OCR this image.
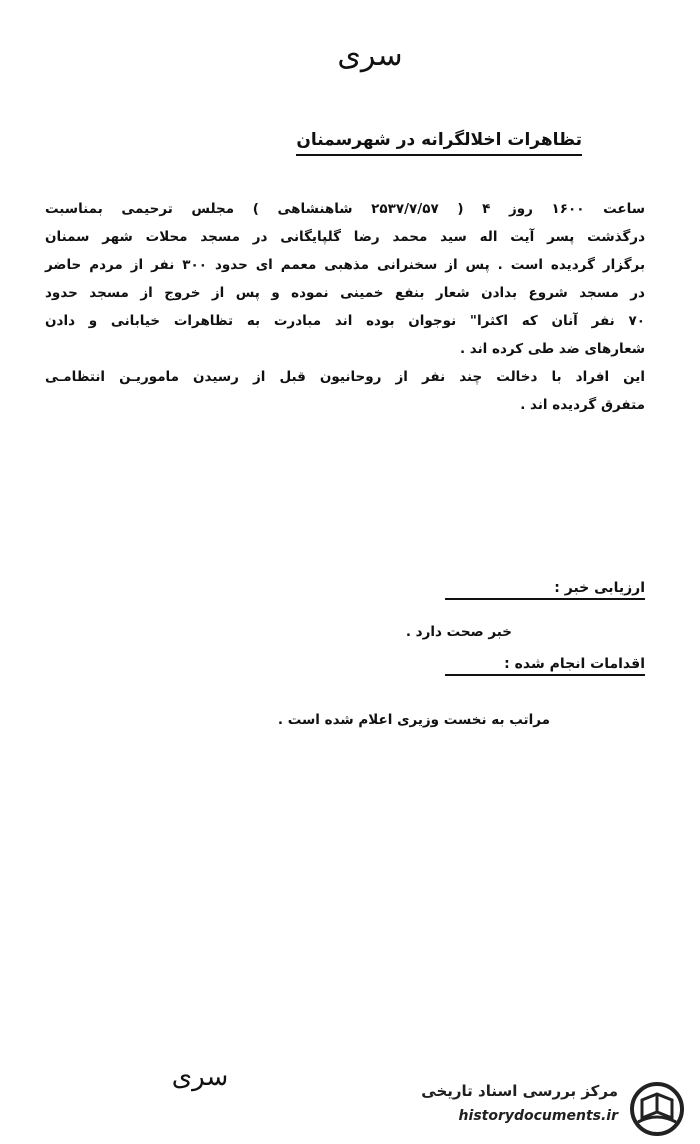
سری
تظاهرات اخلالگرانه در شهرسمنان
ساعت ۱۶۰۰ روز ۴ ( ۲۵۳۷/۷/۵۷ شاهنشاهی ) مجلس ترحیمی بمناسبت
درگذشت پسر آیت اله سید محمد رضا گلپایگانی در مسجد محلات شهر سمنان
برگزار گردیده است . پس از سخنرانی مذهبی معمم ای حدود ۳۰۰ نفر از مردم حاضر
در مسجد شروع بدادن شعار بنفع خمینی نموده و پس از خروج از مسجد حدود
۷۰ نفر آنان که اکثرا" نوجوان بوده اند مبادرت به تظاهرات خیابانی و دادن
شعارهای ضد طی کرده اند .
این افراد با دخالت چند نفر از روحانیون قبل از رسیدن ماموریـن انتظامـی
متفرق گردیده اند .
ارزیابی خبر :
خبر صحت دارد .
اقدامات انجام شده :
مراتب به نخست وزیری اعلام شده است .
سری	مرکز بررسی اسناد تاریخی
historydocuments.ir
